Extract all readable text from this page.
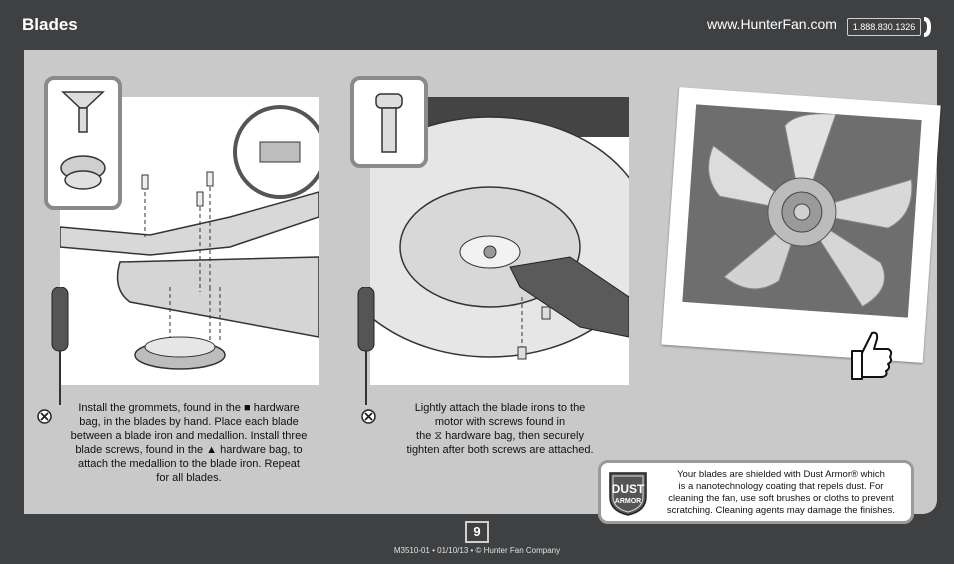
Blades	www.HunterFan.com	1.888.830.1326
Install the grommets, found in the ■ hardware
bag, in the blades by hand. Place each blade
between a blade iron and medallion. Install three
blade screws, found in the ▲ hardware bag, to
attach the medallion to the blade iron. Repeat
for all blades.
Lightly attach the blade irons to the
motor with screws found in
the ⧖ hardware bag, then securely
tighten after both screws are attached.
DUST
ARMOR
Your blades are shielded with Dust Armor® which
is a nanotechnology coating that repels dust. For
cleaning the fan, use soft brushes or cloths to prevent
scratching. Cleaning agents may damage the finishes.
9
M3510-01 • 01/10/13 • © Hunter Fan Company
